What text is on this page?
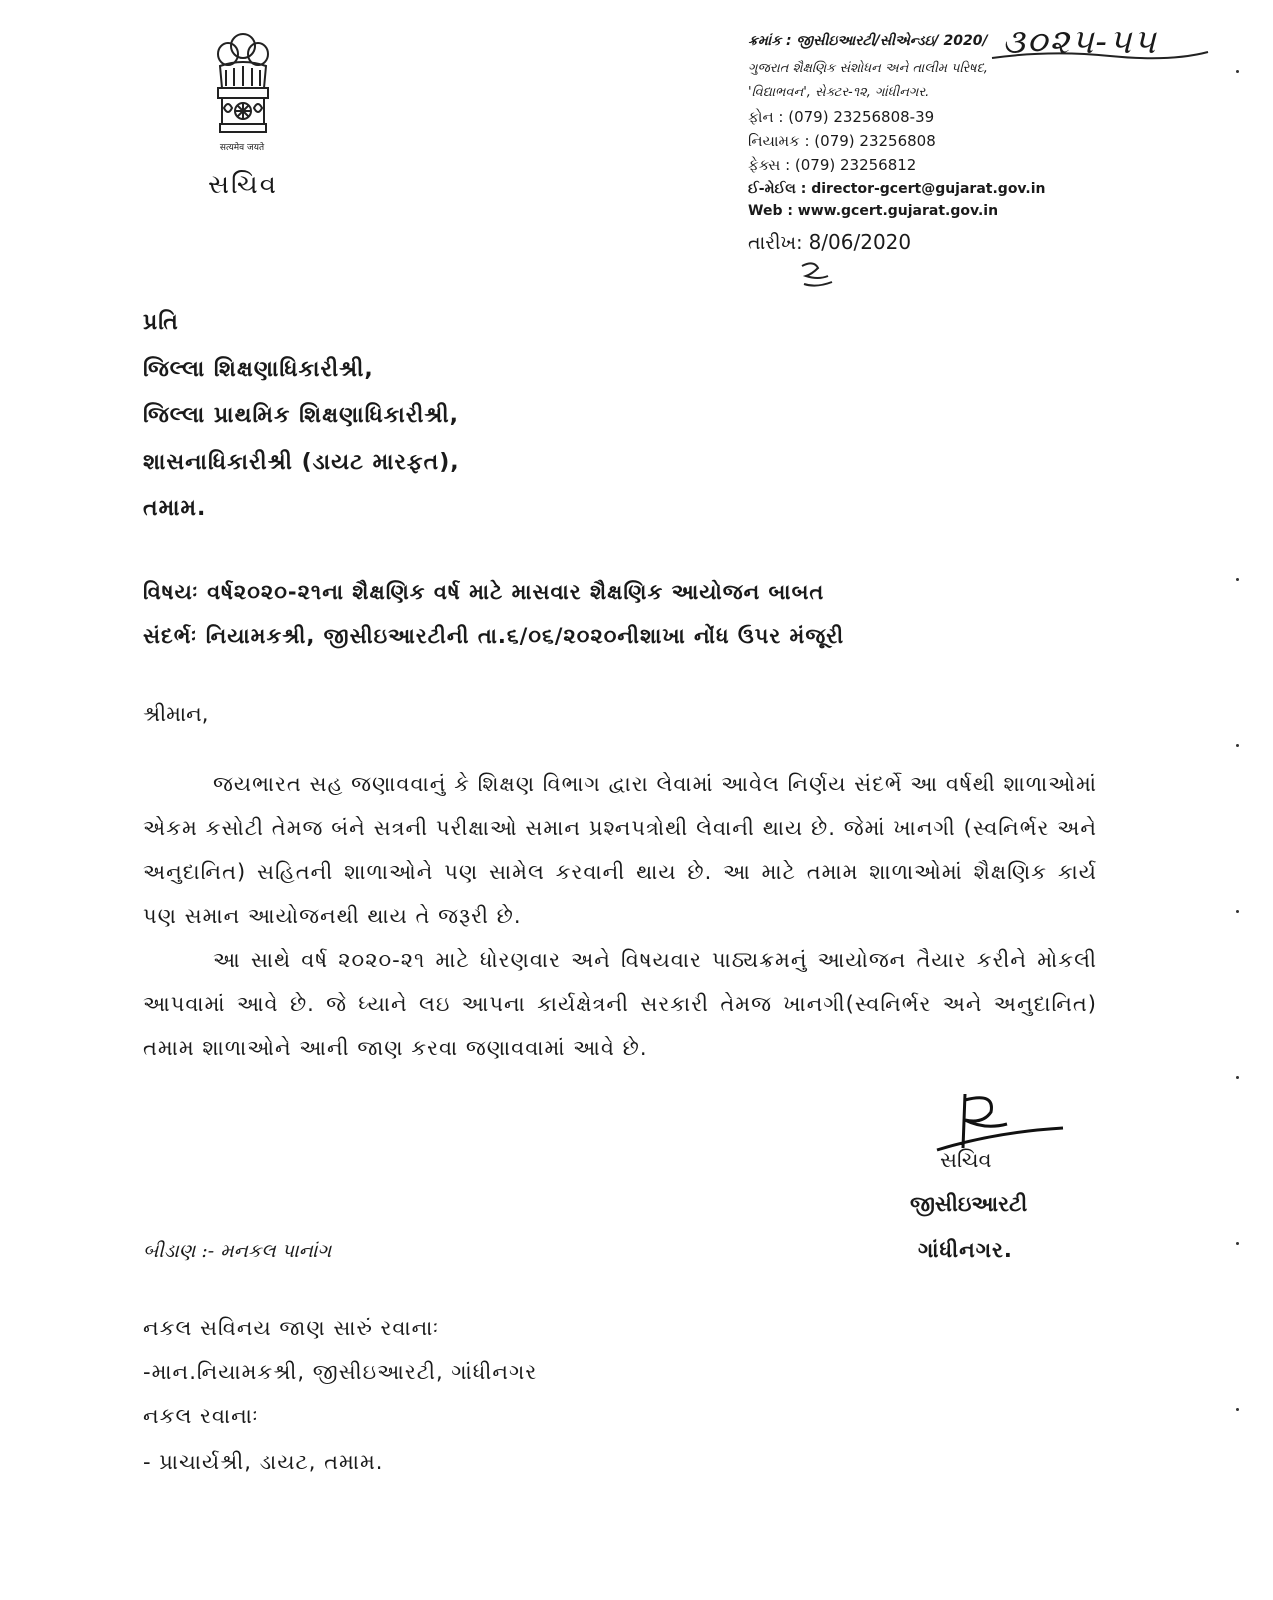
सत्यमेव जयते
સચિવ
ક્રમાંક : જીસીઇઆરટી/સીએન્ડઇ/ 2020/ ૩૦૨૫-૫૫
ગુજરાત શૈક્ષણિક સંશોધન અને તાલીમ પરિષદ,
'વિદ્યાભવન', સેક્ટર-૧૨, ગાંધીનગર.
ફોન : (079) 23256808-39
નિયામક : (079) 23256808
ફેક્સ : (079) 23256812
ઈ-મેઈલ : director-gcert@gujarat.gov.in
Web : www.gcert.gujarat.gov.in
તારીખ: 8/06/2020
પ્રતિ
જિલ્લા શિક્ષણાધિકારીશ્રી,
જિલ્લા પ્રાથમિક શિક્ષણાધિકારીશ્રી,
શાસનાધિકારીશ્રી (ડાયટ મારફત),
તમામ.
વિષયઃ વર્ષ૨૦૨૦-૨૧ના શૈક્ષણિક વર્ષ માટે માસવાર શૈક્ષણિક આયોજન બાબત
સંદર્ભઃ નિયામકશ્રી, જીસીઇઆરટીની તા.૬/૦૬/૨૦૨૦નીશાખા નોંધ ઉપર મંજૂરી
શ્રીમાન,
જયભારત સહ જણાવવાનું કે શિક્ષણ વિભાગ દ્વારા લેવામાં આવેલ નિર્ણય સંદર્ભે આ વર્ષથી શાળાઓમાં એકમ કસોટી તેમજ બંને સત્રની પરીક્ષાઓ સમાન પ્રશ્નપત્રોથી લેવાની થાય છે. જેમાં ખાનગી (સ્વનિર્ભર અને અનુદાનિત) સહિતની શાળાઓને પણ સામેલ કરવાની થાય છે. આ માટે તમામ શાળાઓમાં શૈક્ષણિક કાર્ય પણ સમાન આયોજનથી થાય તે જરૂરી છે.
આ સાથે વર્ષ ૨૦૨૦-૨૧ માટે ધોરણવાર અને વિષયવાર પાઠ્યક્રમનું આયોજન તૈયાર કરીને મોકલી આપવામાં આવે છે. જે ધ્યાને લઇ આપના કાર્યક્ષેત્રની સરકારી તેમજ ખાનગી(સ્વનિર્ભર અને અનુદાનિત) તમામ શાળાઓને આની જાણ કરવા જણાવવામાં આવે છે.
સચિવ
જીસીઇઆરટી
ગાંધીનગર.
બીડાણ :- મનકલ પાનાંગ
નકલ સવિનય જાણ સારું રવાનાઃ
-માન.નિયામકશ્રી, જીસીઇઆરટી, ગાંધીનગર
નકલ રવાનાઃ
- પ્રાચાર્યશ્રી, ડાયટ, તમામ.
